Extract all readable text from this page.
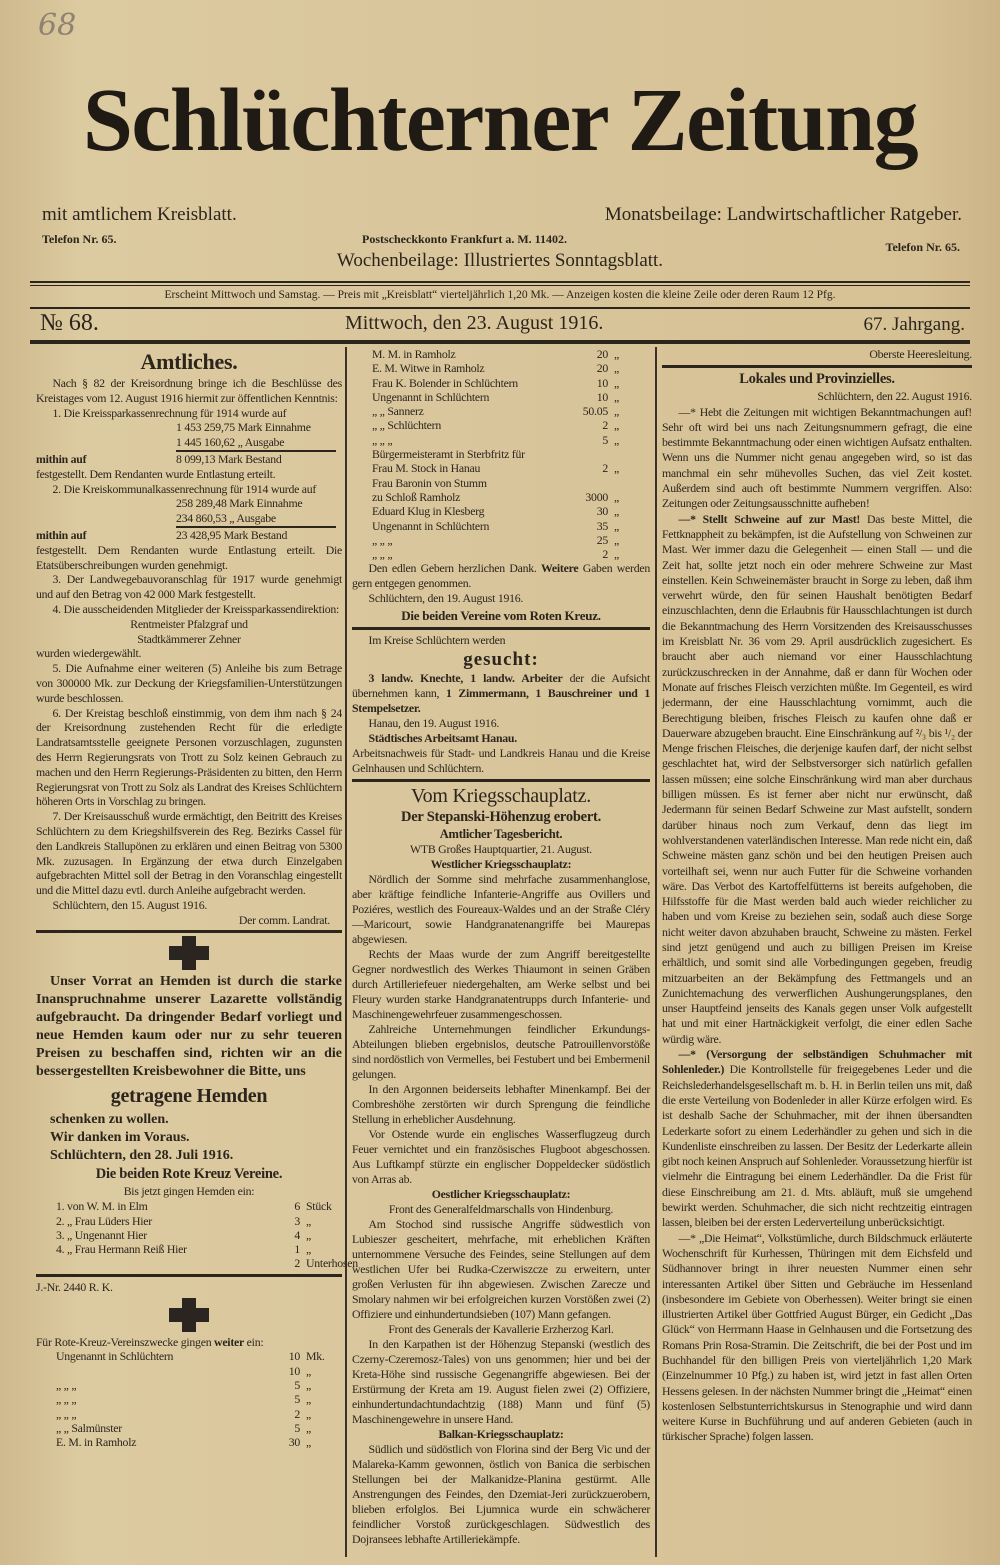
68
Schlüchterner Zeitung
mit amtlichem Kreisblatt.	Monatsbeilage: Landwirtschaftlicher Ratgeber.
Telefon Nr. 65.	Postscheckkonto Frankfurt a. M. 11402.
Telefon Nr. 65.
Wochenbeilage: Illustriertes Sonntagsblatt.
Erscheint Mittwoch und Samstag. — Preis mit „Kreisblatt“ vierteljährlich 1,20 Mk. — Anzeigen kosten die kleine Zeile oder deren Raum 12 Pfg.
№ 68.	Mittwoch, den 23. August 1916.	67. Jahrgang.
Amtliches.

Nach § 82 der Kreisordnung bringe ich die Beschlüsse des Kreistages vom 12. August 1916 hiermit zur öffentlichen Kenntnis:

1. Die Kreissparkassenrechnung für 1914 wurde auf

1 453 259,75 Mark Einnahme
1 445 160,62 „ Ausgabe
mithin auf	8 099,13 Mark Bestand

festgestellt. Dem Rendanten wurde Entlastung erteilt.

2. Die Kreiskommunalkassenrechnung für 1914 wurde auf

258 289,48 Mark Einnahme
234 860,53 „ Ausgabe
mithin auf	23 428,95 Mark Bestand

festgestellt. Dem Rendanten wurde Entlastung erteilt. Die Etatsüberschreibungen wurden genehmigt.

3. Der Landwegebauvoranschlag für 1917 wurde genehmigt und auf den Betrag von 42 000 Mark festgestellt.

4. Die ausscheidenden Mitglieder der Kreissparkassendirektion:

Rentmeister Pfalzgraf und

Stadtkämmerer Zehner

wurden wiedergewählt.

5. Die Aufnahme einer weiteren (5) Anleihe bis zum Betrage von 300000 Mk. zur Deckung der Kriegsfamilien-Unterstützungen wurde beschlossen.

6. Der Kreistag beschloß einstimmig, von dem ihm nach § 24 der Kreisordnung zustehenden Recht für die erledigte Landratsamtsstelle geeignete Personen vorzuschlagen, zugunsten des Herrn Regierungsrats von Trott zu Solz keinen Gebrauch zu machen und den Herrn Regierungs-Präsidenten zu bitten, den Herrn Regierungsrat von Trott zu Solz als Landrat des Kreises Schlüchtern höheren Orts in Vorschlag zu bringen.

7. Der Kreisausschuß wurde ermächtigt, den Beitritt des Kreises Schlüchtern zu dem Kriegshilfsverein des Reg. Bezirks Cassel für den Landkreis Stallupönen zu erklären und einen Beitrag von 5300 Mk. zuzusagen. In Ergänzung der etwa durch Einzelgaben aufgebrachten Mittel soll der Betrag in den Voranschlag eingestellt und die Mittel dazu evtl. durch Anleihe aufgebracht werden.

Schlüchtern, den 15. August 1916.

Der comm. Landrat.

Unser Vorrat an Hemden ist durch die starke Inanspruchnahme unserer Lazarette vollständig aufgebraucht. Da dringender Bedarf vorliegt und neue Hemden kaum oder nur zu sehr teueren Preisen zu beschaffen sind, richten wir an die bessergestellten Kreisbewohner die Bitte, uns

getragene Hemden

schenken zu wollen.

Wir danken im Voraus.

Schlüchtern, den 28. Juli 1916.

Die beiden Rote Kreuz Vereine.

Bis jetzt gingen Hemden ein:

1. von W. M. in Elm	6 Stück
2. „ Frau Lüders Hier	3 „
3. „ Ungenannt Hier	4 „
4. „ Frau Hermann Reiß Hier	1 „
2 Unterhosen

J.-Nr. 2440 R. K.

Für Rote-Kreuz-Vereinszwecke gingen weiter ein:

Ungenannt in Schlüchtern	10 Mk.
10 „
„ „ „	5 „
„ „ „	5 „
„ „ „	2 „
„ „ Salmünster	5 „
E. M. in Ramholz	30 „
M. M. in Ramholz	20 „
E. M. Witwe in Ramholz	20 „
Frau K. Bolender in Schlüchtern	10 „
Ungenannt in Schlüchtern	10 „
„ „ Sannerz	50.05 „
„ „ Schlüchtern	2 „
„ „ „	5 „
Bürgermeisteramt in Sterbfritz für
Frau M. Stock in Hanau	2 „
Frau Baronin von Stumm
zu Schloß Ramholz	3000 „
Eduard Klug in Klesberg	30 „
Ungenannt in Schlüchtern	35 „
„ „ „	25 „
„ „ „	2 „

Den edlen Gebern herzlichen Dank. Weitere Gaben werden gern entgegen genommen.

Schlüchtern, den 19. August 1916.

Die beiden Vereine vom Roten Kreuz.

Im Kreise Schlüchtern werden

gesucht:

3 landw. Knechte, 1 landw. Arbeiter der die Aufsicht übernehmen kann, 1 Zimmermann, 1 Bauschreiner und 1 Stempelsetzer.

Hanau, den 19. August 1916.

Städtisches Arbeitsamt Hanau.

Arbeitsnachweis für Stadt- und Landkreis Hanau und die Kreise Gelnhausen und Schlüchtern.

Vom Kriegsschauplatz.
Der Stepanski-Höhenzug erobert.
Amtlicher Tagesbericht.

WTB Großes Hauptquartier, 21. August.

Westlicher Kriegsschauplatz:

Nördlich der Somme sind mehrfache zusammenhanglose, aber kräftige feindliche Infanterie-Angriffe aus Ovillers und Poziéres, westlich des Foureaux-Waldes und an der Straße Cléry—Maricourt, sowie Handgranatenangriffe bei Maurepas abgewiesen.

Rechts der Maas wurde der zum Angriff bereitgestellte Gegner nordwestlich des Werkes Thiaumont in seinen Gräben durch Artilleriefeuer niedergehalten, am Werke selbst und bei Fleury wurden starke Handgranatentrupps durch Infanterie- und Maschinengewehrfeuer zusammengeschossen.

Zahlreiche Unternehmungen feindlicher Erkundungs-Abteilungen blieben ergebnislos, deutsche Patrouillenvorstöße sind nordöstlich von Vermelles, bei Festubert und bei Embermenil gelungen.

In den Argonnen beiderseits lebhafter Minenkampf. Bei der Combreshöhe zerstörten wir durch Sprengung die feindliche Stellung in erheblicher Ausdehnung.

Vor Ostende wurde ein englisches Wasserflugzeug durch Feuer vernichtet und ein französisches Flugboot abgeschossen. Aus Luftkampf stürzte ein englischer Doppeldecker südöstlich von Arras ab.

Oestlicher Kriegsschauplatz:

Front des Generalfeldmarschalls von Hindenburg.

Am Stochod sind russische Angriffe südwestlich von Lubieszer gescheitert, mehrfache, mit erheblichen Kräften unternommene Versuche des Feindes, seine Stellungen auf dem westlichen Ufer bei Rudka-Czerwiszcze zu erweitern, unter großen Verlusten für ihn abgewiesen. Zwischen Zarecze und Smolary nahmen wir bei erfolgreichen kurzen Vorstößen zwei (2) Offiziere und einhundertundsieben (107) Mann gefangen.

Front des Generals der Kavallerie Erzherzog Karl.

In den Karpathen ist der Höhenzug Stepanski (westlich des Czerny-Czeremosz-Tales) von uns genommen; hier und bei der Kreta-Höhe sind russische Gegenangriffe abgewiesen. Bei der Erstürmung der Kreta am 19. August fielen zwei (2) Offiziere, einhundertundachtundachtzig (188) Mann und fünf (5) Maschinengewehre in unsere Hand.

Balkan-Kriegsschauplatz:

Südlich und südöstlich von Florina sind der Berg Vic und der Malareka-Kamm gewonnen, östlich von Banica die serbischen Stellungen bei der Malkanidze-Planina gestürmt. Alle Anstrengungen des Feindes, den Dzemiat-Jeri zurückzuerobern, blieben erfolglos. Bei Ljumnica wurde ein schwächerer feindlicher Vorstoß zurückgeschlagen. Südwestlich des Dojransees lebhafte Artilleriekämpfe.

Oberste Heeresleitung.

Lokales und Provinzielles.

Schlüchtern, den 22. August 1916.

—* Hebt die Zeitungen mit wichtigen Bekanntmachungen auf! Sehr oft wird bei uns nach Zeitungsnummern gefragt, die eine bestimmte Bekanntmachung oder einen wichtigen Aufsatz enthalten. Wenn uns die Nummer nicht genau angegeben wird, so ist das manchmal ein sehr mühevolles Suchen, das viel Zeit kostet. Außerdem sind auch oft bestimmte Nummern vergriffen. Also: Zeitungen oder Zeitungsausschnitte aufheben!

—* Stellt Schweine auf zur Mast! Das beste Mittel, die Fettknappheit zu bekämpfen, ist die Aufstellung von Schweinen zur Mast. Wer immer dazu die Gelegenheit — einen Stall — und die Zeit hat, sollte jetzt noch ein oder mehrere Schweine zur Mast einstellen. Kein Schweinemäster braucht in Sorge zu leben, daß ihm verwehrt würde, den für seinen Haushalt benötigten Bedarf einzuschlachten, denn die Erlaubnis für Hausschlachtungen ist durch die Bekanntmachung des Herrn Vorsitzenden des Kreisausschusses im Kreisblatt Nr. 36 vom 29. April ausdrücklich zugesichert. Es braucht aber auch niemand vor einer Hausschlachtung zurückzuschrecken in der Annahme, daß er dann für Wochen oder Monate auf frisches Fleisch verzichten müßte. Im Gegenteil, es wird jedermann, der eine Hausschlachtung vornimmt, auch die Berechtigung bleiben, frisches Fleisch zu kaufen ohne daß er Dauerware abzugeben braucht. Eine Einschränkung auf ²/₃ bis ¹/₂ der Menge frischen Fleisches, die derjenige kaufen darf, der nicht selbst geschlachtet hat, wird der Selbstversorger sich natürlich gefallen lassen müssen; eine solche Einschränkung wird man aber durchaus billigen müssen. Es ist ferner aber nicht nur erwünscht, daß Jedermann für seinen Bedarf Schweine zur Mast aufstellt, sondern darüber hinaus noch zum Verkauf, denn das liegt im wohlverstandenen vaterländischen Interesse. Man rede nicht ein, daß Schweine mästen ganz schön und bei den heutigen Preisen auch vorteilhaft sei, wenn nur auch Futter für die Schweine vorhanden wäre. Das Verbot des Kartoffelfütterns ist bereits aufgehoben, die Hilfsstoffe für die Mast werden bald auch wieder reichlicher zu haben und vom Kreise zu beziehen sein, sodaß auch diese Sorge nicht weiter davon abzuhaben braucht, Schweine zu mästen. Ferkel sind jetzt genügend und auch zu billigen Preisen im Kreise erhältlich, und somit sind alle Vorbedingungen gegeben, freudig mitzuarbeiten an der Bekämpfung des Fettmangels und an Zunichtemachung des verwerflichen Aushungerungsplanes, den unser Hauptfeind jenseits des Kanals gegen unser Volk aufgestellt hat und mit einer Hartnäckigkeit verfolgt, die einer edlen Sache würdig wäre.

—* (Versorgung der selbständigen Schuhmacher mit Sohlenleder.) Die Kontrollstelle für freigegebenes Leder und die Reichslederhandelsgesellschaft m. b. H. in Berlin teilen uns mit, daß die erste Verteilung von Bodenleder in aller Kürze erfolgen wird. Es ist deshalb Sache der Schuhmacher, mit der ihnen übersandten Lederkarte sofort zu einem Lederhändler zu gehen und sich in die Kundenliste einschreiben zu lassen. Der Besitz der Lederkarte allein gibt noch keinen Anspruch auf Sohlenleder. Voraussetzung hierfür ist vielmehr die Eintragung bei einem Lederhändler. Da die Frist für diese Einschreibung am 21. d. Mts. abläuft, muß sie umgehend bewirkt werden. Schuhmacher, die sich nicht rechtzeitig eintragen lassen, bleiben bei der ersten Lederverteilung unberücksichtigt.

—* „Die Heimat“, Volkstümliche, durch Bildschmuck erläuterte Wochenschrift für Kurhessen, Thüringen mit dem Eichsfeld und Südhannover bringt in ihrer neuesten Nummer einen sehr interessanten Artikel über Sitten und Gebräuche im Hessenland (insbesondere im Gebiete von Oberhessen). Weiter bringt sie einen illustrierten Artikel über Gottfried August Bürger, ein Gedicht „Das Glück“ von Herrmann Haase in Gelnhausen und die Fortsetzung des Romans Prin Rosa-Stramin. Die Zeitschrift, die bei der Post und im Buchhandel für den billigen Preis von vierteljährlich 1,20 Mark (Einzelnummer 10 Pfg.) zu haben ist, wird jetzt in fast allen Orten Hessens gelesen. In der nächsten Nummer bringt die „Heimat“ einen kostenlosen Selbstunterrichtskursus in Stenographie und wird dann weitere Kurse in Buchführung und auf anderen Gebieten (auch in türkischer Sprache) folgen lassen.
